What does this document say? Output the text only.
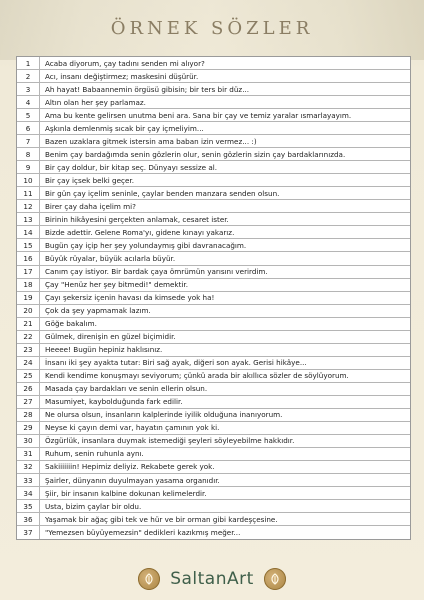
ÖRNEK SÖZLER
1	Acaba diyorum, çay tadını senden mi alıyor?
2	Acı, insanı değiştirmez; maskesini düşürür.
3	Ah hayat! Babaannemin örgüsü gibisin; bir ters bir düz...
4	Altın olan her şey parlamaz.
5	Ama bu kente gelirsen unutma beni ara. Sana bir çay ve temiz yaralar ısmarlayayım.
6	Aşkınla demlenmiş sıcak bir çay içmeliyim...
7	Bazen uzaklara gitmek istersin ama baban izin vermez... :)
8	Benim çay bardağımda senin gözlerin olur, senin gözlerin sizin çay bardaklarınızda.
9	Bir çay doldur, bir kitap seç. Dünyayı sessize al.
10	Bir çay içsek belki geçer.
11	Bir gün çay içelim seninle, çaylar benden manzara senden olsun.
12	Birer çay daha içelim mi?
13	Birinin hikâyesini gerçekten anlamak, cesaret ister.
14	Bizde adettir. Gelene Roma'yı, gidene kınayı yakarız.
15	Bugün çay içip her şey yolundaymış gibi davranacağım.
16	Büyük rüyalar, büyük acılarla büyür.
17	Canım çay istiyor. Bir bardak çaya ömrümün yarısını verirdim.
18	Çay "Henüz her şey bitmedi!" demektir.
19	Çayı şekersiz içenin havası da kimsede yok ha!
20	Çok da şey yapmamak lazım.
21	Göğe bakalım.
22	Gülmek, direnişin en güzel biçimidir.
23	Heeee! Bugün hepiniz haklısınız.
24	İnsanı iki şey ayakta tutar: Biri sağ ayak, diğeri son ayak. Gerisi hikâye...
25	Kendi kendime konuşmayı seviyorum; çünkü arada bir akıllıca sözler de söylüyorum.
26	Masada çay bardakları ve senin ellerin olsun.
27	Masumiyet, kaybolduğunda fark edilir.
28	Ne olursa olsun, insanların kalplerinde iyilik olduğuna inanıyorum.
29	Neyse ki çayın demi var, hayatın çamının yok ki.
30	Özgürlük, insanlara duymak istemediği şeyleri söyleyebilme hakkıdır.
31	Ruhum, senin ruhunla aynı.
32	Sakiiiiiiin! Hepimiz deliyiz. Rekabete gerek yok.
33	Şairler, dünyanın duyulmayan yasama organıdır.
34	Şiir, bir insanın kalbine dokunan kelimelerdir.
35	Usta, bizim çaylar bir oldu.
36	Yaşamak bir ağaç gibi tek ve hür ve bir orman gibi kardeşçesine.
37	"Yemezsen büyüyemezsin" dedikleri kazıkmış meğer...
SaltanArt
